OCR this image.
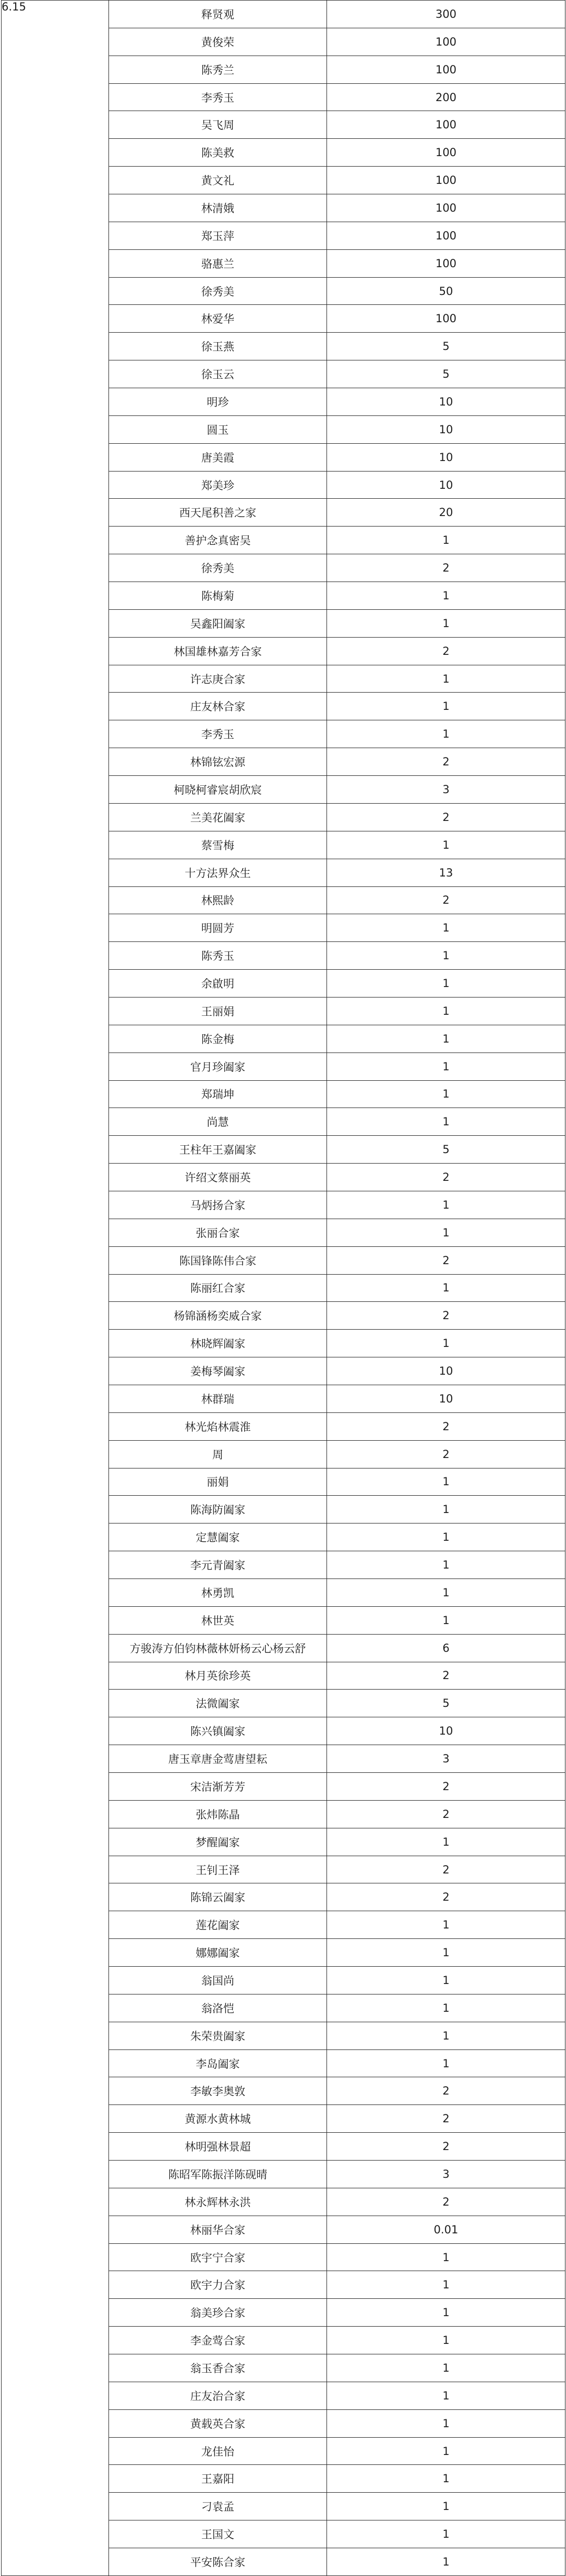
6.15	释贤观	300
	黄俊荣	100
	陈秀兰	100
	李秀玉	200
	吴飞周	100
	陈美救	100
	黄文礼	100
	林清娥	100
	郑玉萍	100
	骆惠兰	100
	徐秀美	50
	林爱华	100
	徐玉燕	5
	徐玉云	5
	明珍	10
	圆玉	10
	唐美霞	10
	郑美珍	10
	西天尾积善之家	20
	善护念真密吴	1
	徐秀美	2
	陈梅菊	1
	吴鑫阳阖家	1
	林国雄林嘉芳合家	2
	许志庚合家	1
	庄友林合家	1
	李秀玉	1
	林锦铉宏源	2
	柯晓柯睿宸胡欣宸	3
	兰美花阖家	2
	蔡雪梅	1
	十方法界众生	13
	林熙龄	2
	明圆芳	1
	陈秀玉	1
	余啟明	1
	王丽娟	1
	陈金梅	1
	官月珍阖家	1
	郑瑞坤	1
	尚慧	1
	王柱年王嘉阖家	5
	许绍文蔡丽英	2
	马炳扬合家	1
	张丽合家	1
	陈国锋陈伟合家	2
	陈丽红合家	1
	杨锦涵杨奕威合家	2
	林晓辉阖家	1
	姜梅琴阖家	10
	林群瑞	10
	林光焰林震淮	2
	周	2
	丽娟	1
	陈海防阖家	1
	定慧阖家	1
	李元青阖家	1
	林勇凯	1
	林世英	1
	方骏涛方伯钧林薇林妍杨云心杨云舒	6
	林月英徐珍英	2
	法微阖家	5
	陈兴镇阖家	10
	唐玉章唐金莺唐望耘	3
	宋洁渐芳芳	2
	张炜陈晶	2
	梦醒阖家	1
	王钊王泽	2
	陈锦云阖家	2
	莲花阖家	1
	娜娜阖家	1
	翁国尚	1
	翁洛恺	1
	朱荣贵阖家	1
	李岛阖家	1
	李敏李奥敦	2
	黄源水黄林城	2
	林明强林景超	2
	陈昭军陈振洋陈砚晴	3
	林永辉林永洪	2
	林丽华合家	0.01
	欧宇宁合家	1
	欧宇力合家	1
	翁美珍合家	1
	李金莺合家	1
	翁玉香合家	1
	庄友治合家	1
	黄载英合家	1
	龙佳怡	1
	王嘉阳	1
	刁袁孟	1
	王国文	1
	平安陈合家	1
